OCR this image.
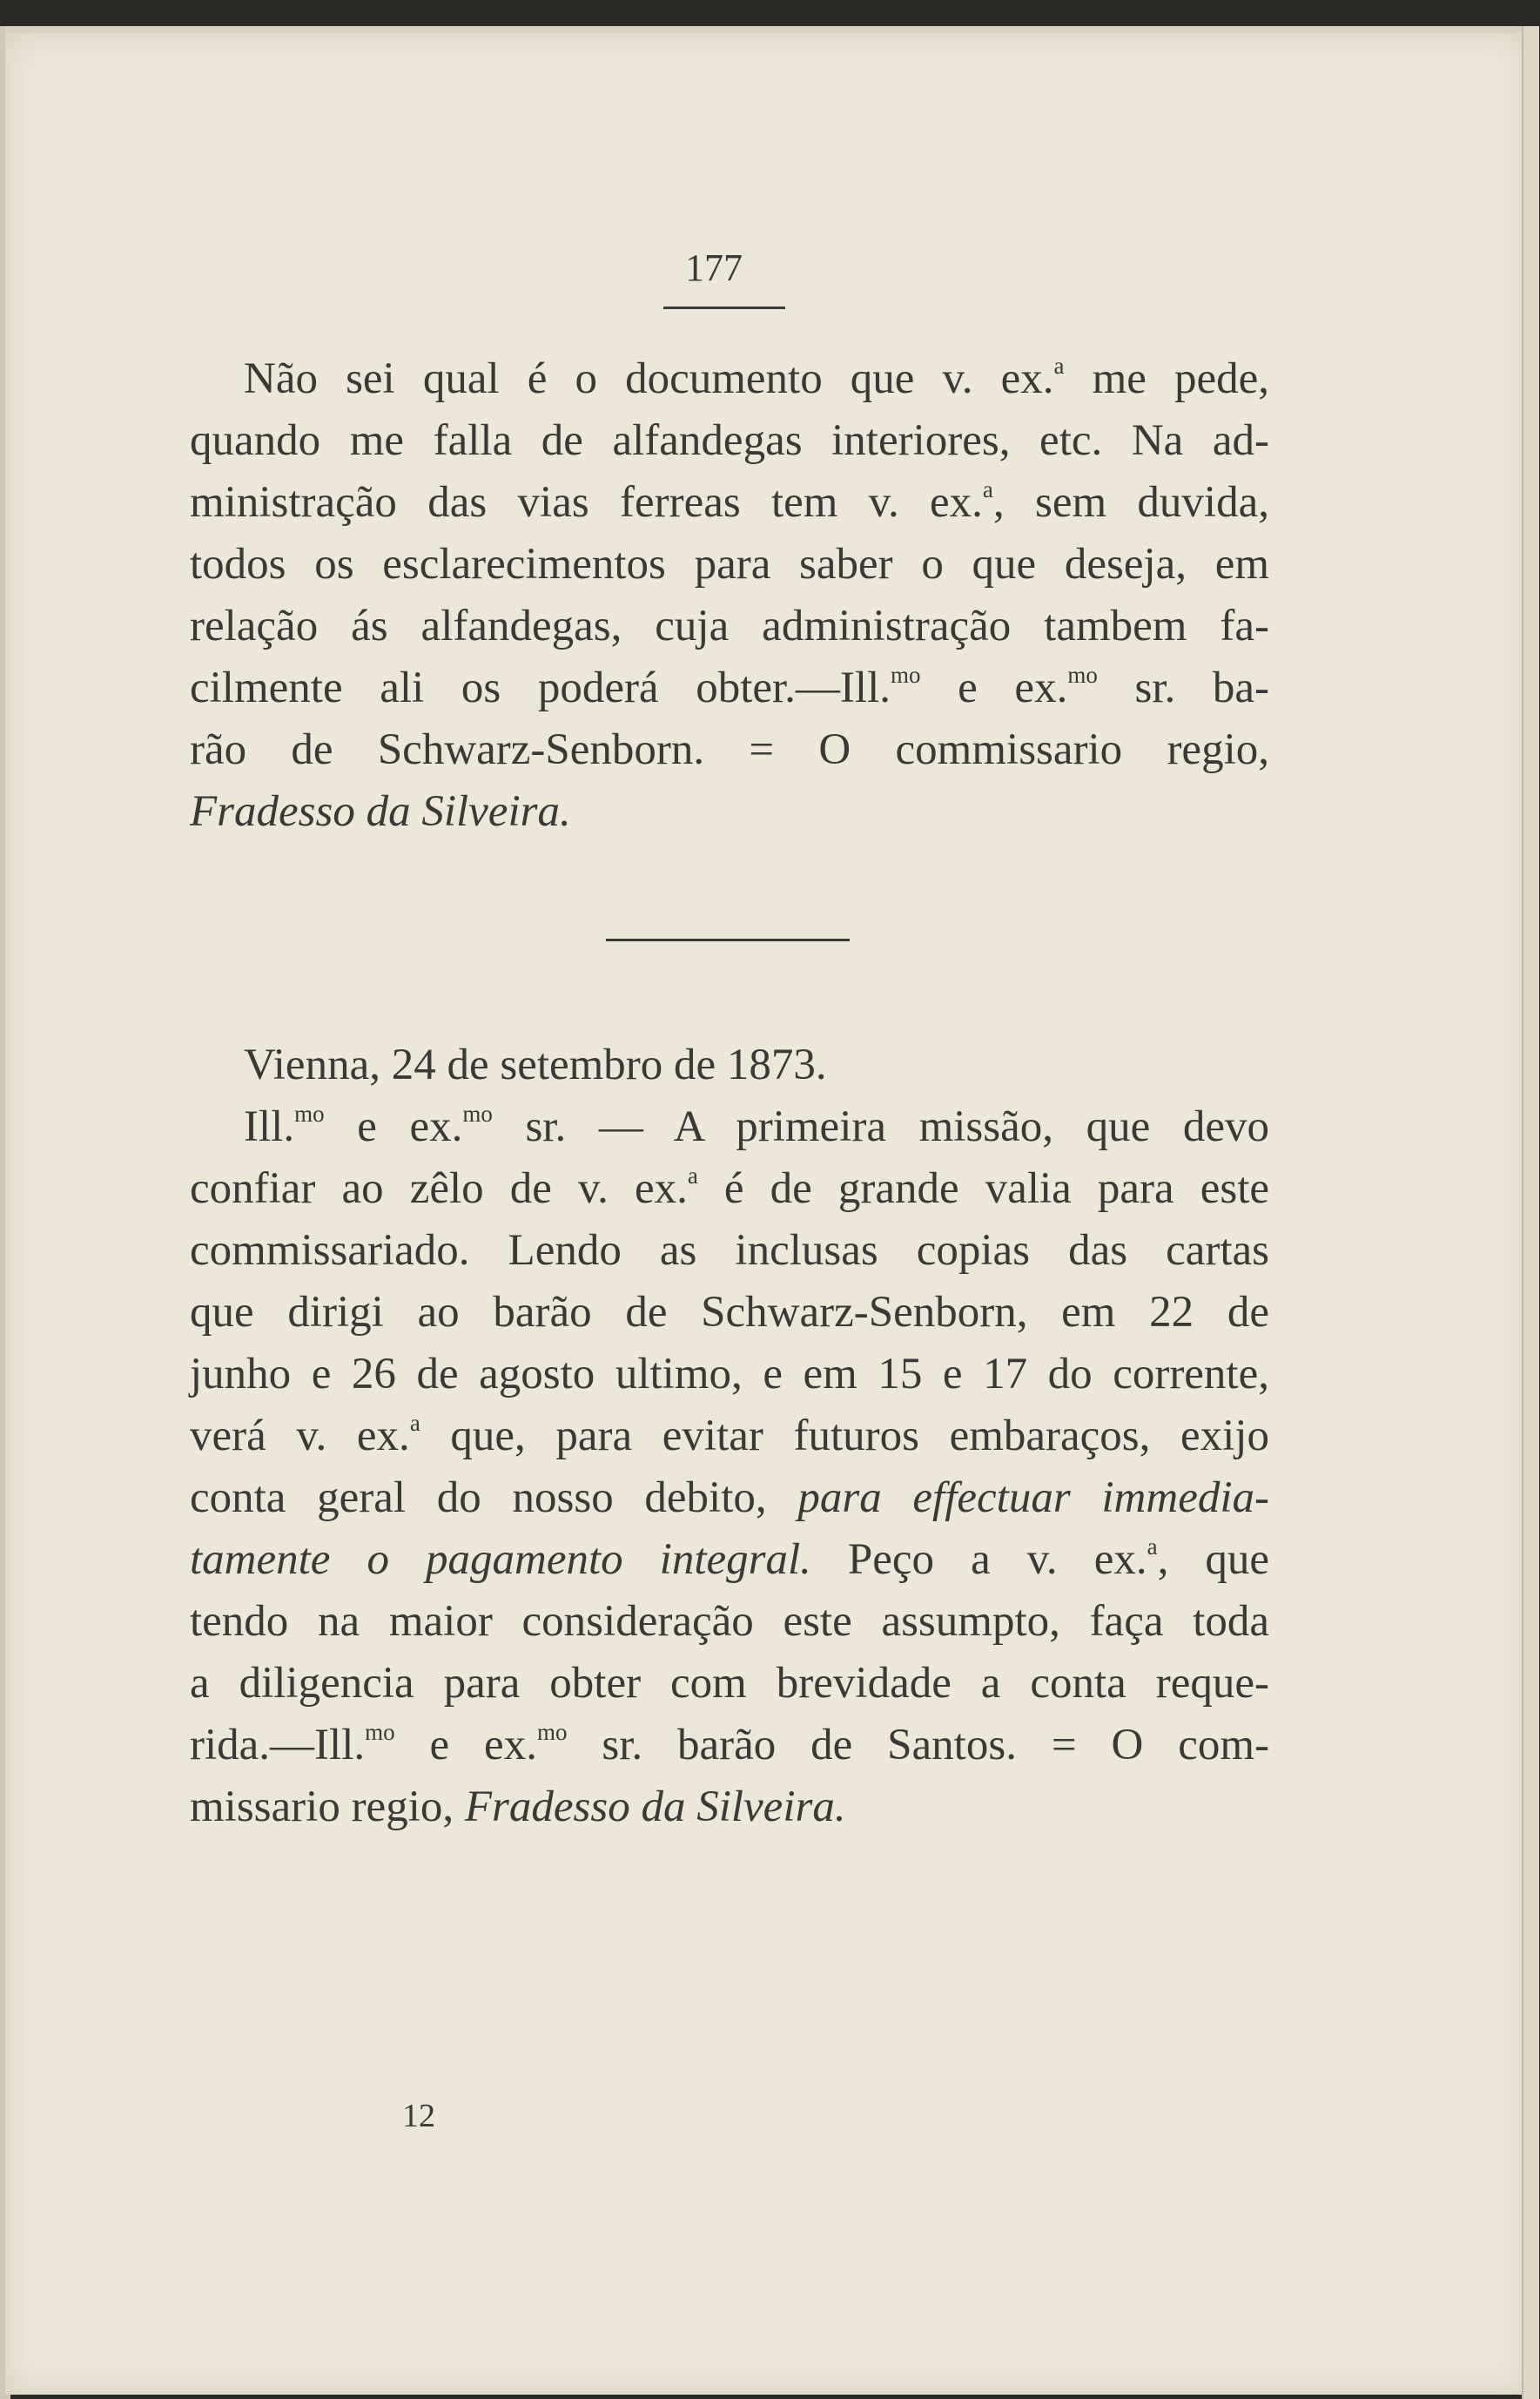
177
Não sei qual é o documento que v. ex.$^a$ me pede,
quando me falla de alfandegas interiores, etc. Na ad-
ministração das vias ferreas tem v. ex.$^a$, sem duvida,
todos os esclarecimentos para saber o que deseja, em
relação ás alfandegas, cuja administração tambem fa-
cilmente ali os poderá obter.—Ill.$^{mo}$ e ex.$^{mo}$ sr. ba-
rão de Schwarz-Senborn. = O commissario regio,
Fradesso da Silveira.
Vienna, 24 de setembro de 1873.
Ill.$^{mo}$ e ex.$^{mo}$ sr. — A primeira missão, que devo
confiar ao zêlo de v. ex.$^a$ é de grande valia para este
commissariado. Lendo as inclusas copias das cartas
que dirigi ao barão de Schwarz-Senborn, em 22 de
junho e 26 de agosto ultimo, e em 15 e 17 do corrente,
verá v. ex.$^a$ que, para evitar futuros embaraços, exijo
conta geral do nosso debito, para effectuar immedia-
tamente o pagamento integral. Peço a v. ex.$^a$, que
tendo na maior consideração este assumpto, faça toda
a diligencia para obter com brevidade a conta reque-
rida.—Ill.$^{mo}$ e ex.$^{mo}$ sr. barão de Santos. = O com-
missario regio, Fradesso da Silveira.
12
